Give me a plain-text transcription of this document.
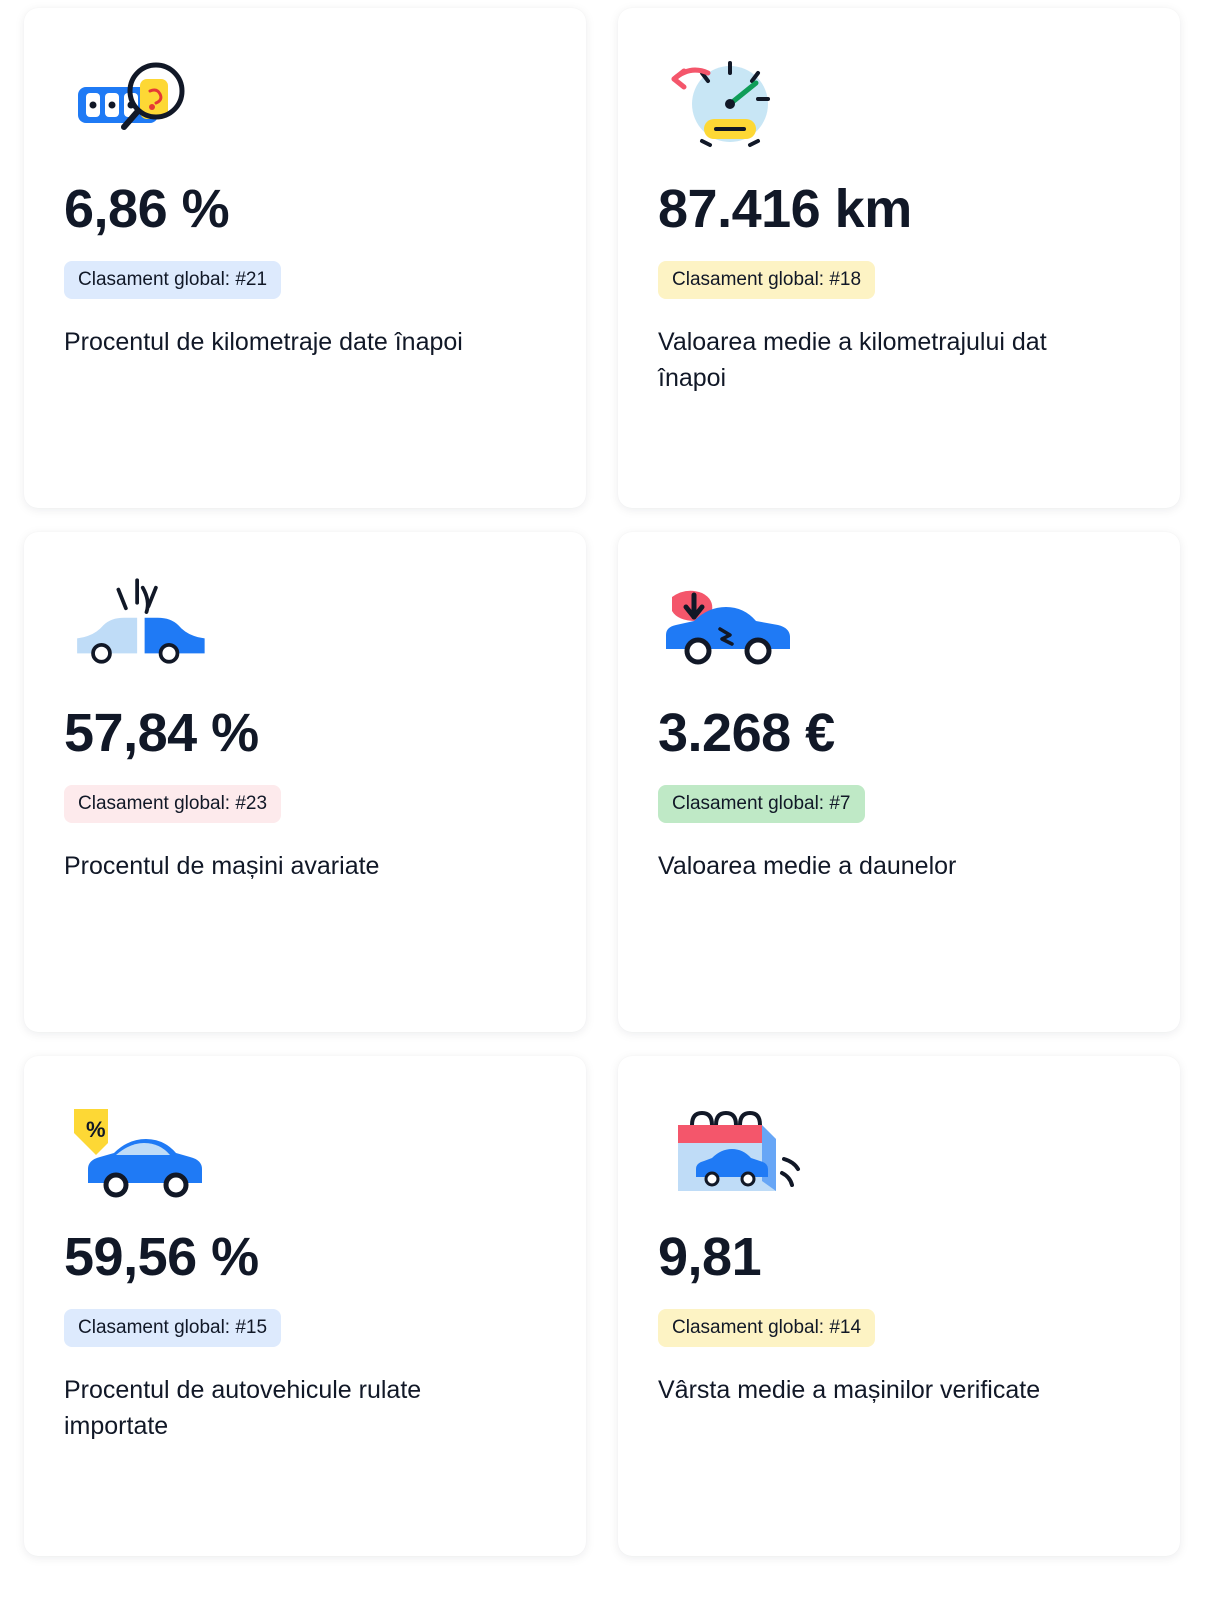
6,86 %
Clasament global: #21
Procentul de kilometraje date înapoi
87.416 km
Clasament global: #18
Valoarea medie a kilometrajului dat înapoi
57,84 %
Clasament global: #23
Procentul de mașini avariate
3.268 €
Clasament global: #7
Valoarea medie a daunelor
%
59,56 %
Clasament global: #15
Procentul de autovehicule rulate importate
9,81
Clasament global: #14
Vârsta medie a mașinilor verificate
